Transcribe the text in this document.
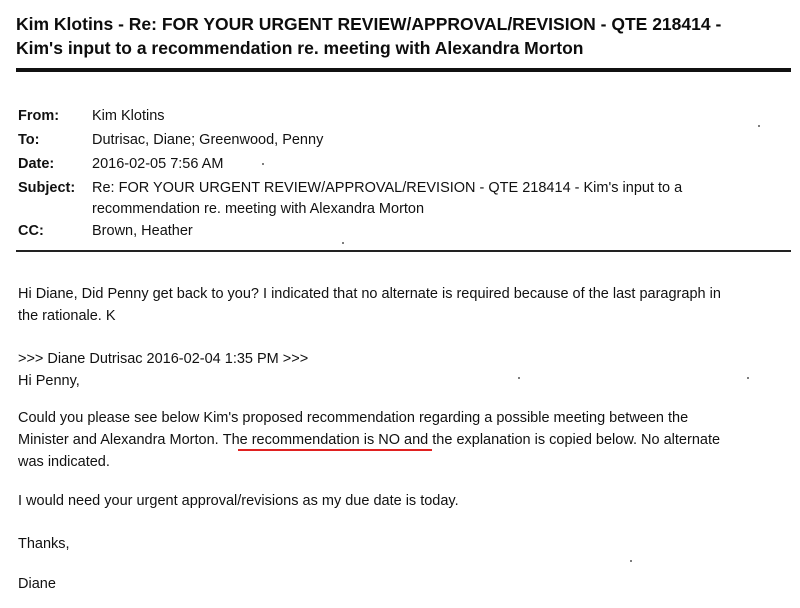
Kim Klotins - Re: FOR YOUR URGENT REVIEW/APPROVAL/REVISION - QTE 218414 -
Kim's input to a recommendation re. meeting with Alexandra Morton
From:	Kim Klotins
To:	Dutrisac, Diane; Greenwood, Penny
Date:	2016-02-05 7:56 AM
Subject:	Re: FOR YOUR URGENT REVIEW/APPROVAL/REVISION - QTE 218414 - Kim's input to a
recommendation re. meeting with Alexandra Morton
CC:	Brown, Heather
Hi Diane, Did Penny get back to you? I indicated that no alternate is required because of the last paragraph in
the rationale. K
>>> Diane Dutrisac 2016-02-04 1:35 PM >>>
Hi Penny,
Could you please see below Kim's proposed recommendation regarding a possible meeting between the
Minister and Alexandra Morton. The recommendation is NO and the explanation is copied below. No alternate
was indicated.
I would need your urgent approval/revisions as my due date is today.
Thanks,
Diane
